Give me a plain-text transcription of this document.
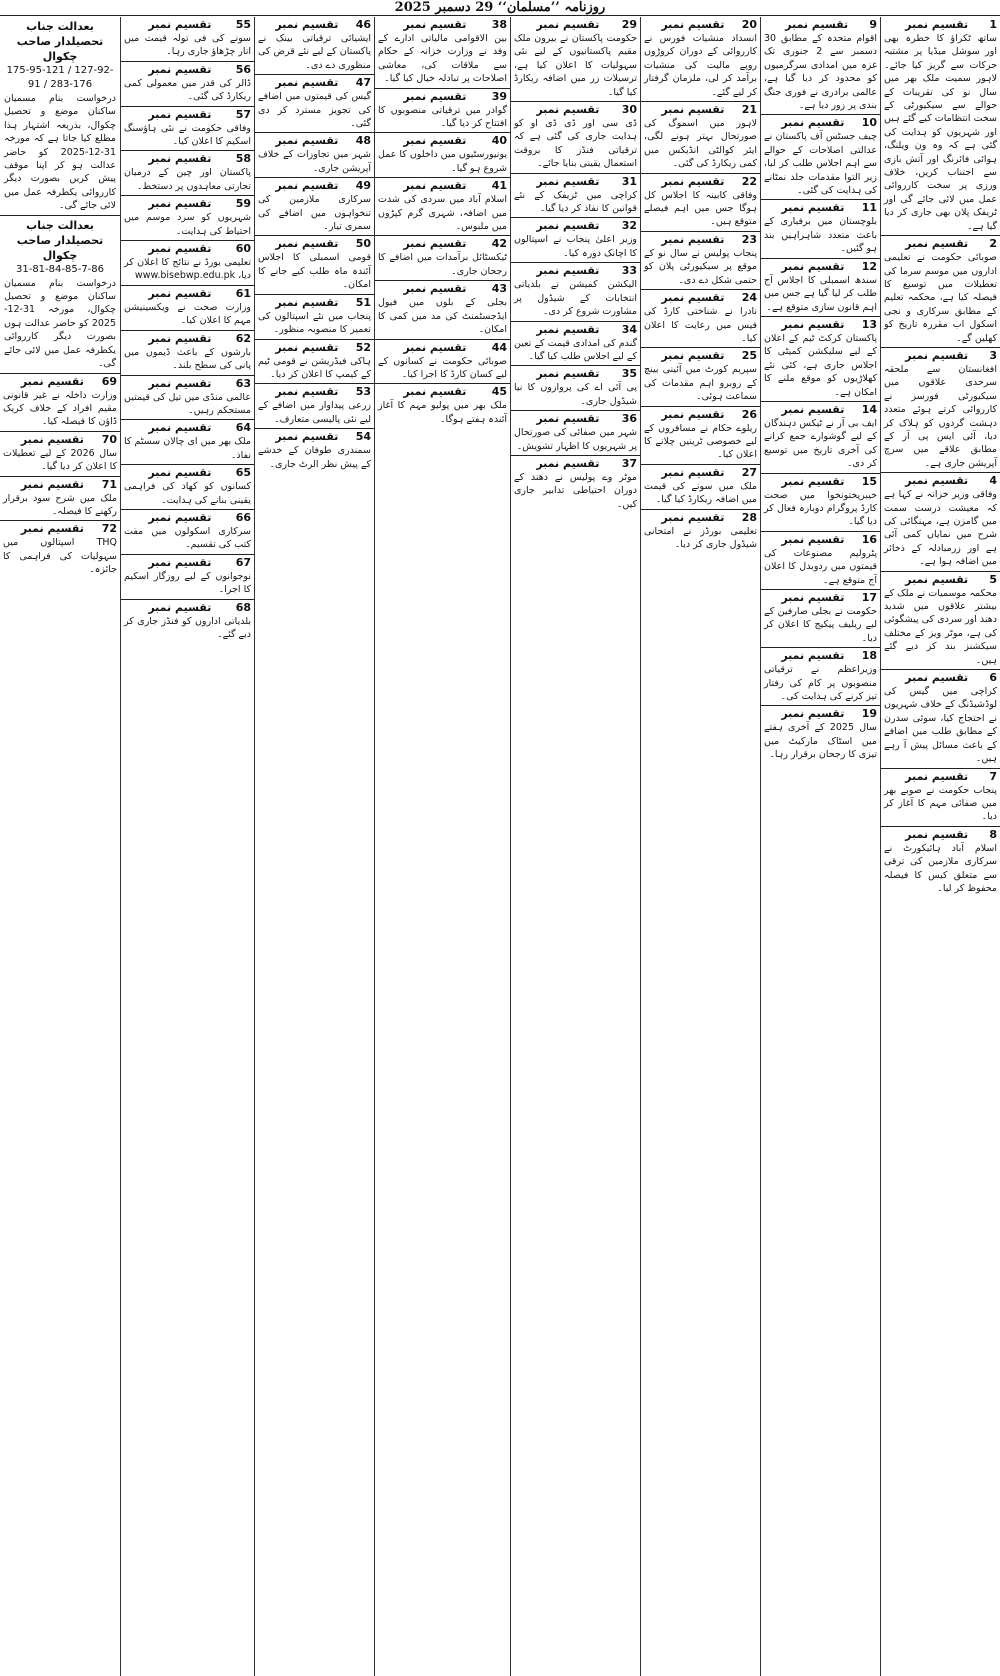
روزنامہ ’’مسلمان‘‘ 29 دسمبر 2025
1
تقسیم نمبر
ساتھ ٹکراؤ کا خطرہ بھی اور سوشل میڈیا پر مشتبہ حرکات سے گریز کیا جائے۔ لاہور سمیت ملک بھر میں سال نو کی تقریبات کے حوالے سے سیکیورٹی کے سخت انتظامات کیے گئے ہیں اور شہریوں کو ہدایت کی گئی ہے کہ وہ ون ویلنگ، ہوائی فائرنگ اور آتش بازی سے اجتناب کریں، خلاف ورزی پر سخت کارروائی عمل میں لائی جائے گی اور ٹریفک پلان بھی جاری کر دیا گیا ہے۔
2
تقسیم نمبر
صوبائی حکومت نے تعلیمی اداروں میں موسم سرما کی تعطیلات میں توسیع کا فیصلہ کیا ہے، محکمہ تعلیم کے مطابق سرکاری و نجی اسکول اب مقررہ تاریخ کو کھلیں گے۔
3
تقسیم نمبر
افغانستان سے ملحقہ سرحدی علاقوں میں سیکیورٹی فورسز نے کارروائی کرتے ہوئے متعدد دہشت گردوں کو ہلاک کر دیا، آئی ایس پی آر کے مطابق علاقے میں سرچ آپریشن جاری ہے۔
4
تقسیم نمبر
وفاقی وزیر خزانہ نے کہا ہے کہ معیشت درست سمت میں گامزن ہے، مہنگائی کی شرح میں نمایاں کمی آئی ہے اور زرمبادلہ کے ذخائر میں اضافہ ہوا ہے۔
5
تقسیم نمبر
محکمہ موسمیات نے ملک کے بیشتر علاقوں میں شدید دھند اور سردی کی پیشگوئی کی ہے، موٹر ویز کے مختلف سیکشنز بند کر دیے گئے ہیں۔
6
تقسیم نمبر
کراچی میں گیس کی لوڈشیڈنگ کے خلاف شہریوں نے احتجاج کیا، سوئی سدرن کے مطابق طلب میں اضافے کے باعث مسائل پیش آ رہے ہیں۔
7
تقسیم نمبر
پنجاب حکومت نے صوبے بھر میں صفائی مہم کا آغاز کر دیا۔
8
تقسیم نمبر
اسلام آباد ہائیکورٹ نے سرکاری ملازمین کی ترقی سے متعلق کیس کا فیصلہ محفوظ کر لیا۔
9
تقسیم نمبر
اقوام متحدہ کے مطابق 30 دسمبر سے 2 جنوری تک غزہ میں امدادی سرگرمیوں کو محدود کر دیا گیا ہے، عالمی برادری نے فوری جنگ بندی پر زور دیا ہے۔
10
تقسیم نمبر
چیف جسٹس آف پاکستان نے عدالتی اصلاحات کے حوالے سے اہم اجلاس طلب کر لیا، زیر التوا مقدمات جلد نمٹانے کی ہدایت کی گئی۔
11
تقسیم نمبر
بلوچستان میں برفباری کے باعث متعدد شاہراہیں بند ہو گئیں۔
12
تقسیم نمبر
سندھ اسمبلی کا اجلاس آج طلب کر لیا گیا ہے جس میں اہم قانون سازی متوقع ہے۔
13
تقسیم نمبر
پاکستان کرکٹ ٹیم کے اعلان کے لیے سلیکشن کمیٹی کا اجلاس جاری ہے، کئی نئے کھلاڑیوں کو موقع ملنے کا امکان ہے۔
14
تقسیم نمبر
ایف بی آر نے ٹیکس دہندگان کے لیے گوشوارے جمع کرانے کی آخری تاریخ میں توسیع کر دی۔
15
تقسیم نمبر
خیبرپختونخوا میں صحت کارڈ پروگرام دوبارہ فعال کر دیا گیا۔
16
تقسیم نمبر
پٹرولیم مصنوعات کی قیمتوں میں ردوبدل کا اعلان آج متوقع ہے۔
17
تقسیم نمبر
حکومت نے بجلی صارفین کے لیے ریلیف پیکیج کا اعلان کر دیا۔
18
تقسیم نمبر
وزیراعظم نے ترقیاتی منصوبوں پر کام کی رفتار تیز کرنے کی ہدایت کی۔
19
تقسیم نمبر
سال 2025 کے آخری ہفتے میں اسٹاک مارکیٹ میں تیزی کا رجحان برقرار رہا۔
20
تقسیم نمبر
انسداد منشیات فورس نے کارروائی کے دوران کروڑوں روپے مالیت کی منشیات برآمد کر لی، ملزمان گرفتار کر لیے گئے۔
21
تقسیم نمبر
لاہور میں اسموگ کی صورتحال بہتر ہونے لگی، ایئر کوالٹی انڈیکس میں کمی ریکارڈ کی گئی۔
22
تقسیم نمبر
وفاقی کابینہ کا اجلاس کل ہوگا جس میں اہم فیصلے متوقع ہیں۔
23
تقسیم نمبر
پنجاب پولیس نے سال نو کے موقع پر سیکیورٹی پلان کو حتمی شکل دے دی۔
24
تقسیم نمبر
نادرا نے شناختی کارڈ کی فیس میں رعایت کا اعلان کیا۔
25
تقسیم نمبر
سپریم کورٹ میں آئینی بینچ کے روبرو اہم مقدمات کی سماعت ہوئی۔
26
تقسیم نمبر
ریلوے حکام نے مسافروں کے لیے خصوصی ٹرینیں چلانے کا اعلان کیا۔
27
تقسیم نمبر
ملک میں سونے کی قیمت میں اضافہ ریکارڈ کیا گیا۔
28
تقسیم نمبر
تعلیمی بورڈز نے امتحانی شیڈول جاری کر دیا۔
29
تقسیم نمبر
حکومت پاکستان نے بیرون ملک مقیم پاکستانیوں کے لیے نئی سہولیات کا اعلان کیا ہے، ترسیلات زر میں اضافہ ریکارڈ کیا گیا۔
30
تقسیم نمبر
ڈی سی اور ڈی ڈی او کو ہدایت جاری کی گئی ہے کہ ترقیاتی فنڈز کا بروقت استعمال یقینی بنایا جائے۔
31
تقسیم نمبر
کراچی میں ٹریفک کے نئے قوانین کا نفاذ کر دیا گیا۔
32
تقسیم نمبر
وزیر اعلیٰ پنجاب نے اسپتالوں کا اچانک دورہ کیا۔
33
تقسیم نمبر
الیکشن کمیشن نے بلدیاتی انتخابات کے شیڈول پر مشاورت شروع کر دی۔
34
تقسیم نمبر
گندم کی امدادی قیمت کے تعین کے لیے اجلاس طلب کیا گیا۔
35
تقسیم نمبر
پی آئی اے کی پروازوں کا نیا شیڈول جاری۔
36
تقسیم نمبر
شہر میں صفائی کی صورتحال پر شہریوں کا اظہار تشویش۔
37
تقسیم نمبر
موٹر وے پولیس نے دھند کے دوران احتیاطی تدابیر جاری کیں۔
38
تقسیم نمبر
بین الاقوامی مالیاتی ادارے کے وفد نے وزارت خزانہ کے حکام سے ملاقات کی، معاشی اصلاحات پر تبادلہ خیال کیا گیا۔
39
تقسیم نمبر
گوادر میں ترقیاتی منصوبوں کا افتتاح کر دیا گیا۔
40
تقسیم نمبر
یونیورسٹیوں میں داخلوں کا عمل شروع ہو گیا۔
41
تقسیم نمبر
اسلام آباد میں سردی کی شدت میں اضافہ، شہری گرم کپڑوں میں ملبوس۔
42
تقسیم نمبر
ٹیکسٹائل برآمدات میں اضافے کا رجحان جاری۔
43
تقسیم نمبر
بجلی کے بلوں میں فیول ایڈجسٹمنٹ کی مد میں کمی کا امکان۔
44
تقسیم نمبر
صوبائی حکومت نے کسانوں کے لیے کسان کارڈ کا اجرا کیا۔
45
تقسیم نمبر
ملک بھر میں پولیو مہم کا آغاز آئندہ ہفتے ہوگا۔
46
تقسیم نمبر
ایشیائی ترقیاتی بینک نے پاکستان کے لیے نئے قرض کی منظوری دے دی۔
47
تقسیم نمبر
گیس کی قیمتوں میں اضافے کی تجویز مسترد کر دی گئی۔
48
تقسیم نمبر
شہر میں تجاوزات کے خلاف آپریشن جاری۔
49
تقسیم نمبر
سرکاری ملازمین کی تنخواہوں میں اضافے کی سمری تیار۔
50
تقسیم نمبر
قومی اسمبلی کا اجلاس آئندہ ماہ طلب کیے جانے کا امکان۔
51
تقسیم نمبر
پنجاب میں نئے اسپتالوں کی تعمیر کا منصوبہ منظور۔
52
تقسیم نمبر
ہاکی فیڈریشن نے قومی ٹیم کے کیمپ کا اعلان کر دیا۔
53
تقسیم نمبر
زرعی پیداوار میں اضافے کے لیے نئی پالیسی متعارف۔
54
تقسیم نمبر
سمندری طوفان کے خدشے کے پیش نظر الرٹ جاری۔
55
تقسیم نمبر
سونے کی فی تولہ قیمت میں اتار چڑھاؤ جاری رہا۔
56
تقسیم نمبر
ڈالر کی قدر میں معمولی کمی ریکارڈ کی گئی۔
57
تقسیم نمبر
وفاقی حکومت نے نئی ہاؤسنگ اسکیم کا اعلان کیا۔
58
تقسیم نمبر
پاکستان اور چین کے درمیان تجارتی معاہدوں پر دستخط۔
59
تقسیم نمبر
شہریوں کو سرد موسم میں احتیاط کی ہدایت۔
60
تقسیم نمبر
تعلیمی بورڈ نے نتائج کا اعلان کر دیا، www.bisebwp.edu.pk
61
تقسیم نمبر
وزارت صحت نے ویکسینیشن مہم کا اعلان کیا۔
62
تقسیم نمبر
بارشوں کے باعث ڈیموں میں پانی کی سطح بلند۔
63
تقسیم نمبر
عالمی منڈی میں تیل کی قیمتیں مستحکم رہیں۔
64
تقسیم نمبر
ملک بھر میں ای چالان سسٹم کا نفاذ۔
65
تقسیم نمبر
کسانوں کو کھاد کی فراہمی یقینی بنانے کی ہدایت۔
66
تقسیم نمبر
سرکاری اسکولوں میں مفت کتب کی تقسیم۔
67
تقسیم نمبر
نوجوانوں کے لیے روزگار اسکیم کا اجرا۔
68
تقسیم نمبر
بلدیاتی اداروں کو فنڈز جاری کر دیے گئے۔
بعدالت جناب تحصیلدار صاحب چکوال
175-95-121 / 127-92-91 / 283-176
درخواست بنام مسمیان ساکنان موضع و تحصیل چکوال، بذریعہ اشتہار ہذا مطلع کیا جاتا ہے کہ مورخہ 31-12-2025 کو حاضر عدالت ہو کر اپنا موقف پیش کریں بصورت دیگر کارروائی یکطرفہ عمل میں لائی جائے گی۔
بعدالت جناب تحصیلدار صاحب چکوال
31-81-84-85-7-86
درخواست بنام مسمیان ساکنان موضع و تحصیل چکوال، مورخہ 31-12-2025 کو حاضر عدالت ہوں بصورت دیگر کارروائی یکطرفہ عمل میں لائی جائے گی۔
69
تقسیم نمبر
وزارت داخلہ نے غیر قانونی مقیم افراد کے خلاف کریک ڈاؤن کا فیصلہ کیا۔
70
تقسیم نمبر
سال 2026 کے لیے تعطیلات کا اعلان کر دیا گیا۔
71
تقسیم نمبر
ملک میں شرح سود برقرار رکھنے کا فیصلہ۔
72
تقسیم نمبر
THQ اسپتالوں میں سہولیات کی فراہمی کا جائزہ۔
